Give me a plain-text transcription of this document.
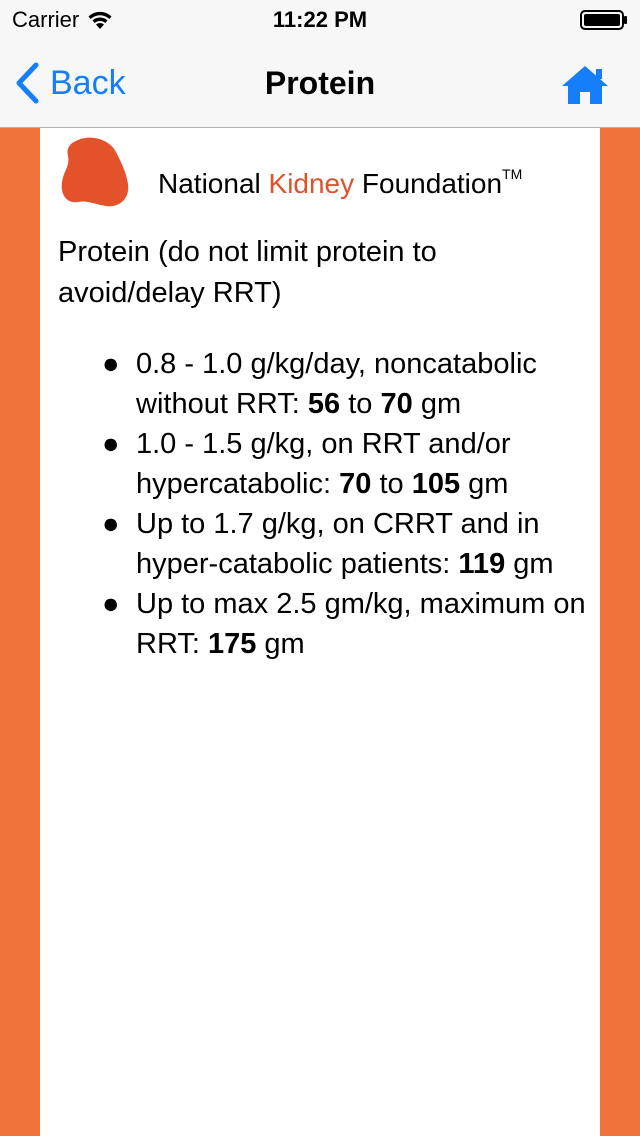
Carrier	11:22 PM
Back	Protein
National Kidney Foundation™
Protein (do not limit protein to avoid/delay RRT)
● 0.8 - 1.0 g/kg/day, noncatabolic without RRT: 56 to 70 gm
● 1.0 - 1.5 g/kg, on RRT and/or hypercatabolic: 70 to 105 gm
● Up to 1.7 g/kg, on CRRT and in hyper-catabolic patients: 119 gm
● Up to max 2.5 gm/kg, maximum on RRT: 175 gm
